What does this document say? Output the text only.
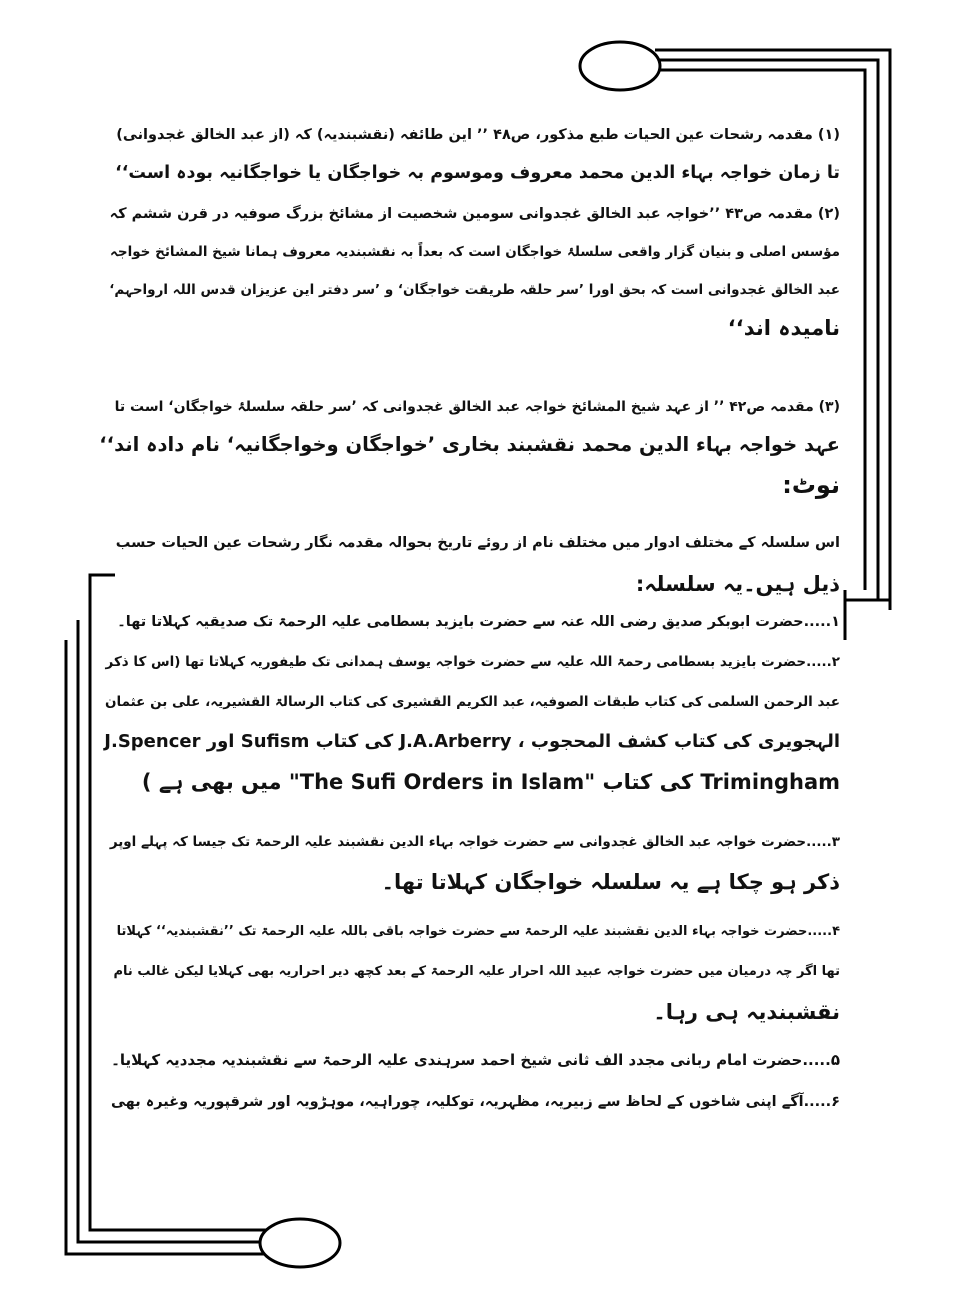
(۱) مقدمہ رشحات عین الحیات طبع مذکور، ص۴۸ ’’ این طائفہ (نقشبندیہ) کہ (از عبد الخالق غجدوانی)
تا زمان خواجہ بہاء الدین محمد معروف وموسوم بہ خواجگان یا خواجگانیہ بودہ است‘‘
(۲) مقدمہ ص۴۳ ’’خواجہ عبد الخالق غجدوانی سومین شخصیت از مشائخ بزرگ صوفیہ در قرن ششم کہ
مؤسس اصلی و بنیان گزار واقعی سلسلۂ خواجگان است کہ بعداً بہ نقشبندیہ معروف ہمانا شیخ المشائخ خواجہ
عبد الخالق غجدوانی است کہ بحق اورا ’سر حلقہ طریقت خواجگان‘ و ’سر دفتر این عزیزان قدس اللہ ارواحہم‘
نامیدہ اند‘‘
(۳) مقدمہ ص۴۲ ’’ از عہد شیخ المشائخ خواجہ عبد الخالق غجدوانی کہ ’سر حلقہ سلسلۂ خواجگان‘ است تا
عہد خواجہ بہاء الدین محمد نقشبند بخاری ’خواجگان وخواجگانیہ‘ نام دادہ اند‘‘
نوٹ:
اس سلسلہ کے مختلف ادوار میں مختلف نام از روئے تاریخ بحوالہ مقدمہ نگار رشحات عین الحیات حسب
ذیل ہیں۔یہ سلسلہ:
۱.....حضرت ابوبکر صدیق رضی اللہ عنہ سے حضرت بایزید بسطامی علیہ الرحمۃ تک صدیقیہ کہلاتا تھا۔
۲.....حضرت بایزید بسطامی رحمۃ اللہ علیہ سے حضرت خواجہ یوسف ہمدانی تک طیفوریہ کہلاتا تھا (اس کا ذکر
عبد الرحمن السلمی کی کتاب طبقات الصوفیہ، عبد الکریم القشیری کی کتاب الرسالۃ القشیریہ، علی بن عثمان
الہجویری کی کتاب کشف المحجوب ، J.A.Arberry کی کتاب Sufism اور J.Spencer
Trimingham کی کتاب "The Sufi Orders in Islam" میں بھی ہے )
۳.....حضرت خواجہ عبد الخالق غجدوانی سے حضرت خواجہ بہاء الدین نقشبند علیہ الرحمۃ تک جیسا کہ پہلے اوپر
ذکر ہو چکا ہے یہ سلسلہ خواجگان کہلاتا تھا۔
۴.....حضرت خواجہ بہاء الدین نقشبند علیہ الرحمۃ سے حضرت خواجہ باقی باللہ علیہ الرحمۃ تک ’’نقشبندیہ‘‘ کہلاتا
تھا اگر چہ درمیان میں حضرت خواجہ عبید اللہ احرار علیہ الرحمۃ کے بعد کچھ دیر احراریہ بھی کہلایا لیکن غالب نام
نقشبندیہ ہی رہا۔
۵.....حضرت امام ربانی مجدد الف ثانی شیخ احمد سرہندی علیہ الرحمۃ سے نقشبندیہ مجددیہ کہلایا۔
۶.....آگے اپنی شاخوں کے لحاظ سے زبیریہ، مظہریہ، توکلیہ، چوراہیہ، موہڑویہ اور شرقپوریہ وغیرہ بھی
